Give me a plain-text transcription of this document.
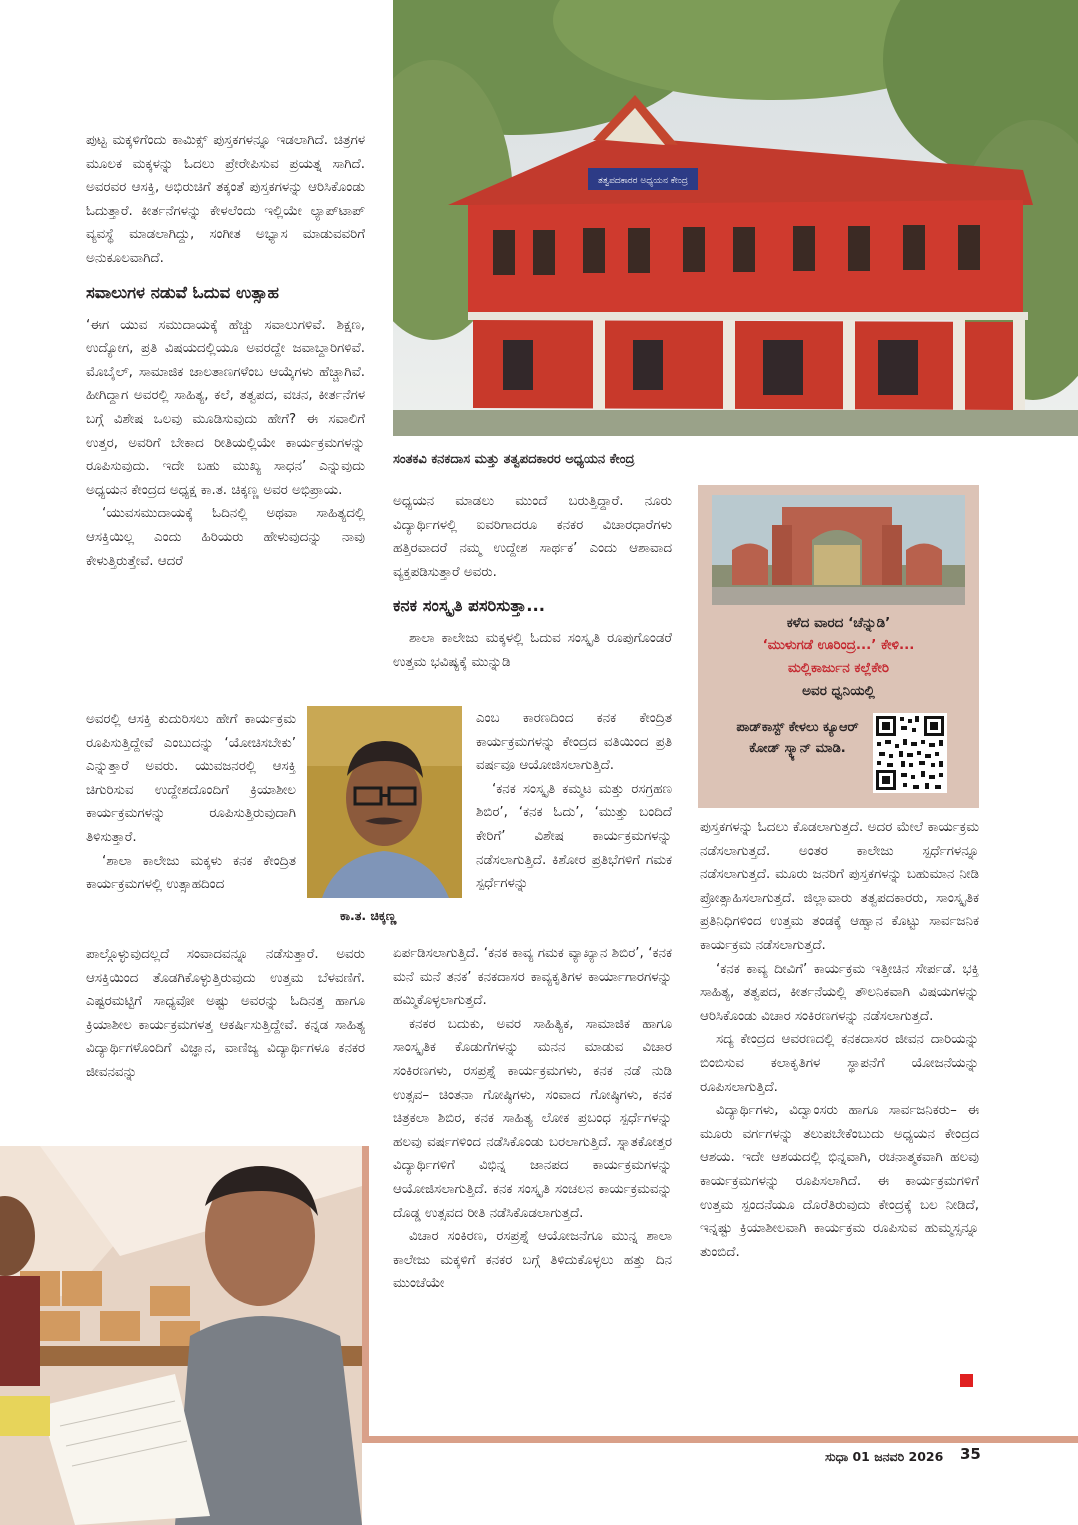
ತತ್ವಪದಕಾರರ ಅಧ್ಯಯನ ಕೇಂದ್ರ
ಸಂತಕವಿ ಕನಕದಾಸ ಮತ್ತು ತತ್ವಪದಕಾರರ ಅಧ್ಯಯನ ಕೇಂದ್ರ

ಪುಟ್ಟ ಮಕ್ಕಳಿಗೆಂದು ಕಾಮಿಕ್ಸ್ ಪುಸ್ತಕಗಳನ್ನೂ ಇಡಲಾಗಿದೆ. ಚಿತ್ರಗಳ ಮೂಲಕ ಮಕ್ಕಳನ್ನು ಓದಲು ಪ್ರೇರೇಪಿಸುವ ಪ್ರಯತ್ನ ಸಾಗಿದೆ. ಅವರವರ ಆಸಕ್ತಿ, ಅಭಿರುಚಿಗೆ ತಕ್ಕಂತೆ ಪುಸ್ತಕಗಳನ್ನು ಆರಿಸಿಕೊಂಡು ಓದುತ್ತಾರೆ. ಕೀರ್ತನೆಗಳನ್ನು ಕೇಳಲೆಂದು ಇಲ್ಲಿಯೇ ಲ್ಯಾಪ್‌ಟಾಪ್ ವ್ಯವಸ್ಥೆ ಮಾಡಲಾಗಿದ್ದು, ಸಂಗೀತ ಅಭ್ಯಾಸ ಮಾಡುವವರಿಗೆ ಅನುಕೂಲವಾಗಿದೆ.

ಸವಾಲುಗಳ ನಡುವೆ ಓದುವ ಉತ್ಸಾಹ

‘ಈಗ ಯುವ ಸಮುದಾಯಕ್ಕೆ ಹೆಚ್ಚು ಸವಾಲುಗಳಿವೆ. ಶಿಕ್ಷಣ, ಉದ್ಯೋಗ, ಪ್ರತಿ ವಿಷಯದಲ್ಲಿಯೂ ಅವರದ್ದೇ ಜವಾಬ್ದಾರಿಗಳಿವೆ. ಮೊಬೈಲ್, ಸಾಮಾಜಿಕ ಜಾಲತಾಣಗಳೆಂಬ ಆಯ್ಕೆಗಳು ಹೆಚ್ಚಾಗಿವೆ. ಹೀಗಿದ್ದಾಗ ಅವರಲ್ಲಿ ಸಾಹಿತ್ಯ, ಕಲೆ, ತತ್ವಪದ, ವಚನ, ಕೀರ್ತನೆಗಳ ಬಗ್ಗೆ ವಿಶೇಷ ಒಲವು ಮೂಡಿಸುವುದು ಹೇಗೆ? ಈ ಸವಾಲಿಗೆ ಉತ್ತರ, ಅವರಿಗೆ ಬೇಕಾದ ರೀತಿಯಲ್ಲಿಯೇ ಕಾರ್ಯಕ್ರಮಗಳನ್ನು ರೂಪಿಸುವುದು. ಇದೇ ಬಹು ಮುಖ್ಯ ಸಾಧನ’ ಎನ್ನುವುದು ಅಧ್ಯಯನ ಕೇಂದ್ರದ ಅಧ್ಯಕ್ಷ ಕಾ.ತ. ಚಿಕ್ಕಣ್ಣ ಅವರ ಅಭಿಪ್ರಾಯ.

‘ಯುವಸಮುದಾಯಕ್ಕೆ ಓದಿನಲ್ಲಿ ಅಥವಾ ಸಾಹಿತ್ಯದಲ್ಲಿ ಆಸಕ್ತಿಯಿಲ್ಲ ಎಂದು ಹಿರಿಯರು ಹೇಳುವುದನ್ನು ನಾವು ಕೇಳುತ್ತಿರುತ್ತೇವೆ. ಆದರೆ

ಅವರಲ್ಲಿ ಆಸಕ್ತಿ ಕುದುರಿಸಲು ಹೇಗೆ ಕಾರ್ಯಕ್ರಮ ರೂಪಿಸುತ್ತಿದ್ದೇವೆ ಎಂಬುದನ್ನು ‘ಯೋಚಿಸಬೇಕು’ ಎನ್ನುತ್ತಾರೆ ಅವರು. ಯುವಜನರಲ್ಲಿ ಆಸಕ್ತಿ ಚಿಗುರಿಸುವ ಉದ್ದೇಶದೊಂದಿಗೆ ಕ್ರಿಯಾಶೀಲ ಕಾರ್ಯಕ್ರಮಗಳನ್ನು ರೂಪಿಸುತ್ತಿರುವುದಾಗಿ ತಿಳಿಸುತ್ತಾರೆ.

‘ಶಾಲಾ ಕಾಲೇಜು ಮಕ್ಕಳು ಕನಕ ಕೇಂದ್ರಿತ ಕಾರ್ಯಕ್ರಮಗಳಲ್ಲಿ ಉತ್ಸಾಹದಿಂದ

ಪಾಲ್ಗೊಳ್ಳುವುದಲ್ಲದೆ ಸಂವಾದವನ್ನೂ ನಡೆಸುತ್ತಾರೆ. ಅವರು ಆಸಕ್ತಿಯಿಂದ ತೊಡಗಿಕೊಳ್ಳುತ್ತಿರುವುದು ಉತ್ತಮ ಬೆಳವಣಿಗೆ. ಎಷ್ಟರಮಟ್ಟಿಗೆ ಸಾಧ್ಯವೋ ಅಷ್ಟು ಅವರನ್ನು ಓದಿನತ್ತ ಹಾಗೂ ಕ್ರಿಯಾಶೀಲ ಕಾರ್ಯಕ್ರಮಗಳತ್ತ ಆಕರ್ಷಿಸುತ್ತಿದ್ದೇವೆ. ಕನ್ನಡ ಸಾಹಿತ್ಯ ವಿದ್ಯಾರ್ಥಿಗಳೊಂದಿಗೆ ವಿಜ್ಞಾನ, ವಾಣಿಜ್ಯ ವಿದ್ಯಾರ್ಥಿಗಳೂ ಕನಕರ ಜೀವನವನ್ನು

ಕಾ.ತ. ಚಿಕ್ಕಣ್ಣ

ಅಧ್ಯಯನ ಮಾಡಲು ಮುಂದೆ ಬರುತ್ತಿದ್ದಾರೆ. ನೂರು ವಿದ್ಯಾರ್ಥಿಗಳಲ್ಲಿ ಐವರಿಗಾದರೂ ಕನಕರ ವಿಚಾರಧಾರೆಗಳು ಹತ್ತಿರವಾದರೆ ನಮ್ಮ ಉದ್ದೇಶ ಸಾರ್ಥಕ’ ಎಂದು ಆಶಾವಾದ ವ್ಯಕ್ತಪಡಿಸುತ್ತಾರೆ ಅವರು.

ಕನಕ ಸಂಸ್ಕೃತಿ ಪಸರಿಸುತ್ತಾ...

ಶಾಲಾ ಕಾಲೇಜು ಮಕ್ಕಳಲ್ಲಿ ಓದುವ ಸಂಸ್ಕೃತಿ ರೂಪುಗೊಂಡರೆ ಉತ್ತಮ ಭವಿಷ್ಯಕ್ಕೆ ಮುನ್ನುಡಿ

ಎಂಬ ಕಾರಣದಿಂದ ಕನಕ ಕೇಂದ್ರಿತ ಕಾರ್ಯಕ್ರಮಗಳನ್ನು ಕೇಂದ್ರದ ವತಿಯಿಂದ ಪ್ರತಿ ವರ್ಷವೂ ಆಯೋಜಿಸಲಾಗುತ್ತಿದೆ.

‘ಕನಕ ಸಂಸ್ಕೃತಿ ಕಮ್ಮಟ ಮತ್ತು ರಸಗ್ರಹಣ ಶಿಬಿರ’, ‘ಕನಕ ಓದು’, ‘ಮುತ್ತು ಬಂದಿದೆ ಕೇರಿಗೆ’ ವಿಶೇಷ ಕಾರ್ಯಕ್ರಮಗಳನ್ನು ನಡೆಸಲಾಗುತ್ತಿದೆ. ಕಿಶೋರ ಪ್ರತಿಭೆಗಳಿಗೆ ಗಮಕ ಸ್ಪರ್ಧೆಗಳನ್ನು

ಏರ್ಪಡಿಸಲಾಗುತ್ತಿದೆ. ‘ಕನಕ ಕಾವ್ಯ ಗಮಕ ವ್ಯಾಖ್ಯಾನ ಶಿಬಿರ’, ‘ಕನಕ ಮನೆ ಮನೆ ತನಕ’ ಕನಕದಾಸರ ಕಾವ್ಯಕೃತಿಗಳ ಕಾರ್ಯಾಗಾರಗಳನ್ನು ಹಮ್ಮಿಕೊಳ್ಳಲಾಗುತ್ತದೆ.

ಕನಕರ ಬದುಕು, ಅವರ ಸಾಹಿತ್ಯಿಕ, ಸಾಮಾಜಿಕ ಹಾಗೂ ಸಾಂಸ್ಕೃತಿಕ ಕೊಡುಗೆಗಳನ್ನು ಮನನ ಮಾಡುವ ವಿಚಾರ ಸಂಕಿರಣಗಳು, ರಸಪ್ರಶ್ನೆ ಕಾರ್ಯಕ್ರಮಗಳು, ಕನಕ ನಡೆ ನುಡಿ ಉತ್ಸವ– ಚಿಂತನಾ ಗೋಷ್ಠಿಗಳು, ಸಂವಾದ ಗೋಷ್ಠಿಗಳು, ಕನಕ ಚಿತ್ರಕಲಾ ಶಿಬಿರ, ಕನಕ ಸಾಹಿತ್ಯ ಲೋಕ ಪ್ರಬಂಧ ಸ್ಪರ್ಧೆಗಳನ್ನು ಹಲವು ವರ್ಷಗಳಿಂದ ನಡೆಸಿಕೊಂಡು ಬರಲಾಗುತ್ತಿದೆ. ಸ್ನಾತಕೋತ್ತರ ವಿದ್ಯಾರ್ಥಿಗಳಿಗೆ ವಿಭಿನ್ನ ಜಾನಪದ ಕಾರ್ಯಕ್ರಮಗಳನ್ನು ಆಯೋಜಿಸಲಾಗುತ್ತಿದೆ. ಕನಕ ಸಂಸ್ಕೃತಿ ಸಂಚಲನ ಕಾರ್ಯಕ್ರಮವನ್ನು ದೊಡ್ಡ ಉತ್ಸವದ ರೀತಿ ನಡೆಸಿಕೊಡಲಾಗುತ್ತದೆ.

ವಿಚಾರ ಸಂಕಿರಣ, ರಸಪ್ರಶ್ನೆ ಆಯೋಜನೆಗೂ ಮುನ್ನ ಶಾಲಾ ಕಾಲೇಜು ಮಕ್ಕಳಿಗೆ ಕನಕರ ಬಗ್ಗೆ ತಿಳಿದುಕೊಳ್ಳಲು ಹತ್ತು ದಿನ ಮುಂಚೆಯೇ

ಕಳೆದ ವಾರದ ‘ಚೆನ್ನುಡಿ’
‘ಮುಳುಗಡೆ ಊರಿಂದ್ರ...’ ಕೇಳಿ...
ಮಲ್ಲಿಕಾರ್ಜುನ ಕಲ್ಲೆಕೇರಿ
ಅವರ ಧ್ವನಿಯಲ್ಲಿ
ಪಾಡ್‌ಕಾಸ್ಟ್ ಕೇಳಲು ಕ್ಯೂಆರ್ ಕೋಡ್ ಸ್ಕ್ಯಾನ್ ಮಾಡಿ.

ಪುಸ್ತಕಗಳನ್ನು ಓದಲು ಕೊಡಲಾಗುತ್ತದೆ. ಅದರ ಮೇಲೆ ಕಾರ್ಯಕ್ರಮ ನಡೆಸಲಾಗುತ್ತದೆ. ಅಂತರ ಕಾಲೇಜು ಸ್ಪರ್ಧೆಗಳನ್ನೂ ನಡೆಸಲಾಗುತ್ತದೆ. ಮೂರು ಜನರಿಗೆ ಪುಸ್ತಕಗಳನ್ನು ಬಹುಮಾನ ನೀಡಿ ಪ್ರೋತ್ಸಾಹಿಸಲಾಗುತ್ತದೆ. ಜಿಲ್ಲಾವಾರು ತತ್ವಪದಕಾರರು, ಸಾಂಸ್ಕೃತಿಕ ಪ್ರತಿನಿಧಿಗಳಿಂದ ಉತ್ತಮ ತಂಡಕ್ಕೆ ಆಹ್ವಾನ ಕೊಟ್ಟು ಸಾರ್ವಜನಿಕ ಕಾರ್ಯಕ್ರಮ ನಡೆಸಲಾಗುತ್ತದೆ.

‘ಕನಕ ಕಾವ್ಯ ದೀವಿಗೆ’ ಕಾರ್ಯಕ್ರಮ ಇತ್ತೀಚಿನ ಸೇರ್ಪಡೆ. ಭಕ್ತಿ ಸಾಹಿತ್ಯ, ತತ್ವಪದ, ಕೀರ್ತನೆಯಲ್ಲಿ ತೌಲನಿಕವಾಗಿ ವಿಷಯಗಳನ್ನು ಆರಿಸಿಕೊಂಡು ವಿಚಾರ ಸಂಕಿರಣಗಳನ್ನು ನಡೆಸಲಾಗುತ್ತದೆ.

ಸದ್ಯ ಕೇಂದ್ರದ ಆವರಣದಲ್ಲಿ ಕನಕದಾಸರ ಜೀವನ ದಾರಿಯನ್ನು ಬಿಂಬಿಸುವ ಕಲಾಕೃತಿಗಳ ಸ್ಥಾಪನೆಗೆ ಯೋಜನೆಯನ್ನು ರೂಪಿಸಲಾಗುತ್ತಿದೆ.

ವಿದ್ಯಾರ್ಥಿಗಳು, ವಿದ್ವಾಂಸರು ಹಾಗೂ ಸಾರ್ವಜನಿಕರು– ಈ ಮೂರು ವರ್ಗಗಳನ್ನು ತಲುಪಬೇಕೆಂಬುದು ಅಧ್ಯಯನ ಕೇಂದ್ರದ ಆಶಯ. ಇದೇ ಆಶಯದಲ್ಲಿ ಭಿನ್ನವಾಗಿ, ರಚನಾತ್ಮಕವಾಗಿ ಹಲವು ಕಾರ್ಯಕ್ರಮಗಳನ್ನು ರೂಪಿಸಲಾಗಿದೆ. ಈ ಕಾರ್ಯಕ್ರಮಗಳಿಗೆ ಉತ್ತಮ ಸ್ಪಂದನೆಯೂ ದೊರೆತಿರುವುದು ಕೇಂದ್ರಕ್ಕೆ ಬಲ ನೀಡಿದೆ, ಇನ್ನಷ್ಟು ಕ್ರಿಯಾಶೀಲವಾಗಿ ಕಾರ್ಯಕ್ರಮ ರೂಪಿಸುವ ಹುಮ್ಮಸ್ಸನ್ನೂ ತುಂಬಿದೆ.

ಸುಧಾ 01 ಜನವರಿ 2026 35
